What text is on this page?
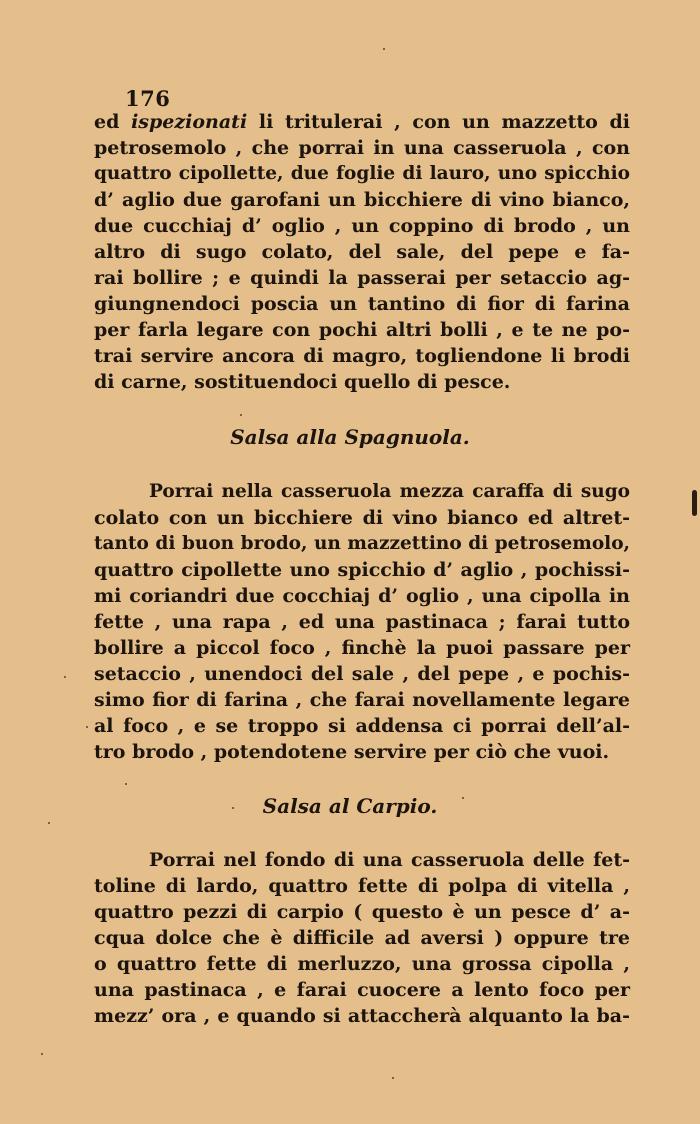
176
ed ispezionati li tritulerai , con un mazzetto di
petrosemolo , che porrai in una casseruola , con
quattro cipollette, due foglie di lauro, uno spicchio
d’ aglio due garofani un bicchiere di vino bianco,
due cucchiaj d’ oglio , un coppino di brodo , un
altro di sugo colato, del sale, del pepe e fa-
rai bollire ; e quindi la passerai per setaccio ag-
giungnendoci poscia un tantino di fior di farina
per farla legare con pochi altri bolli , e te ne po-
trai servire ancora di magro, togliendone li brodi
di carne, sostituendoci quello di pesce.
Salsa alla Spagnuola.
Porrai nella casseruola mezza caraffa di sugo
colato con un bicchiere di vino bianco ed altret-
tanto di buon brodo, un mazzettino di petrosemolo,
quattro cipollette uno spicchio d’ aglio , pochissi-
mi coriandri due cocchiaj d’ oglio , una cipolla in
fette , una rapa , ed una pastinaca ; farai tutto
bollire a piccol foco , finchè la puoi passare per
setaccio , unendoci del sale , del pepe , e pochis-
simo fior di farina , che farai novellamente legare
al foco , e se troppo si addensa ci porrai dell’al-
tro brodo , potendotene servire per ciò che vuoi.
Salsa al Carpio.
Porrai nel fondo di una casseruola delle fet-
toline di lardo, quattro fette di polpa di vitella ,
quattro pezzi di carpio ( questo è un pesce d’ a-
cqua dolce che è difficile ad aversi ) oppure tre
o quattro fette di merluzzo, una grossa cipolla ,
una pastinaca , e farai cuocere a lento foco per
mezz’ ora , e quando si attaccherà alquanto la ba-
